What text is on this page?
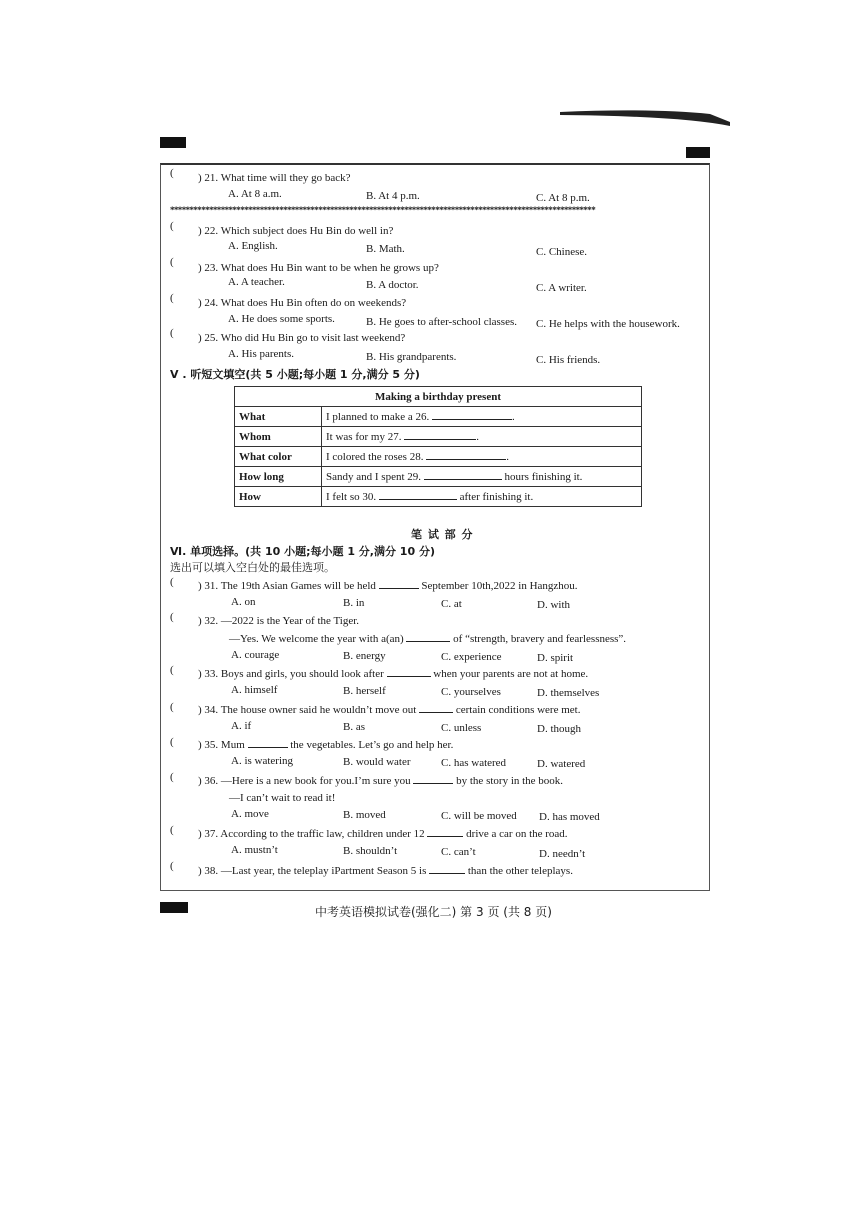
( ) 21. What time will they go back?
A. At 8 a.m.	B. At 4 p.m.	C. At 8 p.m.
*************************************************************************************************************
( ) 22. Which subject does Hu Bin do well in?
A. English.	B. Math.	C. Chinese.
( ) 23. What does Hu Bin want to be when he grows up?
A. A teacher.	B. A doctor.	C. A writer.
( ) 24. What does Hu Bin often do on weekends?
A. He does some sports.	B. He goes to after-school classes. C. He helps with the housework.
( ) 25. Who did Hu Bin go to visit last weekend?
A. His parents.	B. His grandparents.	C. His friends.
V . 听短文填空(共 5 小题;每小题 1 分,满分 5 分)
Making a birthday present	
What	I planned to make a 26. .
Whom	It was for my 27. .
What color	I colored the roses 28. .
How long	Sandy and I spent 29. hours finishing it.
How	I felt so 30. after finishing it.
笔 试 部 分
Ⅵ. 单项选择。(共 10 小题;每小题 1 分,满分 10 分)
选出可以填入空白处的最佳选项。
( ) 31. The 19th Asian Games will be held	September 10th,2022 in Hangzhou.
A. on	B. in	C. at	D. with
( ) 32. —2022 is the Year of the Tiger.
—Yes. We welcome the year with a(an)	of “strength, bravery and fearlessness”.
A. courage	B. energy	C. experience	D. spirit
( ) 33. Boys and girls, you should look after	when your parents are not at home.
A. himself	B. herself	C. yourselves	D. themselves
( ) 34. The house owner said he wouldn’t move out	certain conditions were met.
A. if	B. as	C. unless	D. though
( ) 35. Mum	the vegetables. Let’s go and help her.
A. is watering	B. would water	C. has watered	D. watered
( ) 36. —Here is a new book for you.I’m sure you	by the story in the book.
—I can’t wait to read it!
A. move	B. moved	C. will be moved D. has moved
( ) 37. According to the traffic law, children under 12	drive a car on the road.
A. mustn’t	B. shouldn’t	C. can’t	D. needn’t
( ) 38. —Last year, the teleplay iPartment Season 5 is	than the other teleplays.
中考英语模拟试卷(强化二) 第 3 页 (共 8 页)
